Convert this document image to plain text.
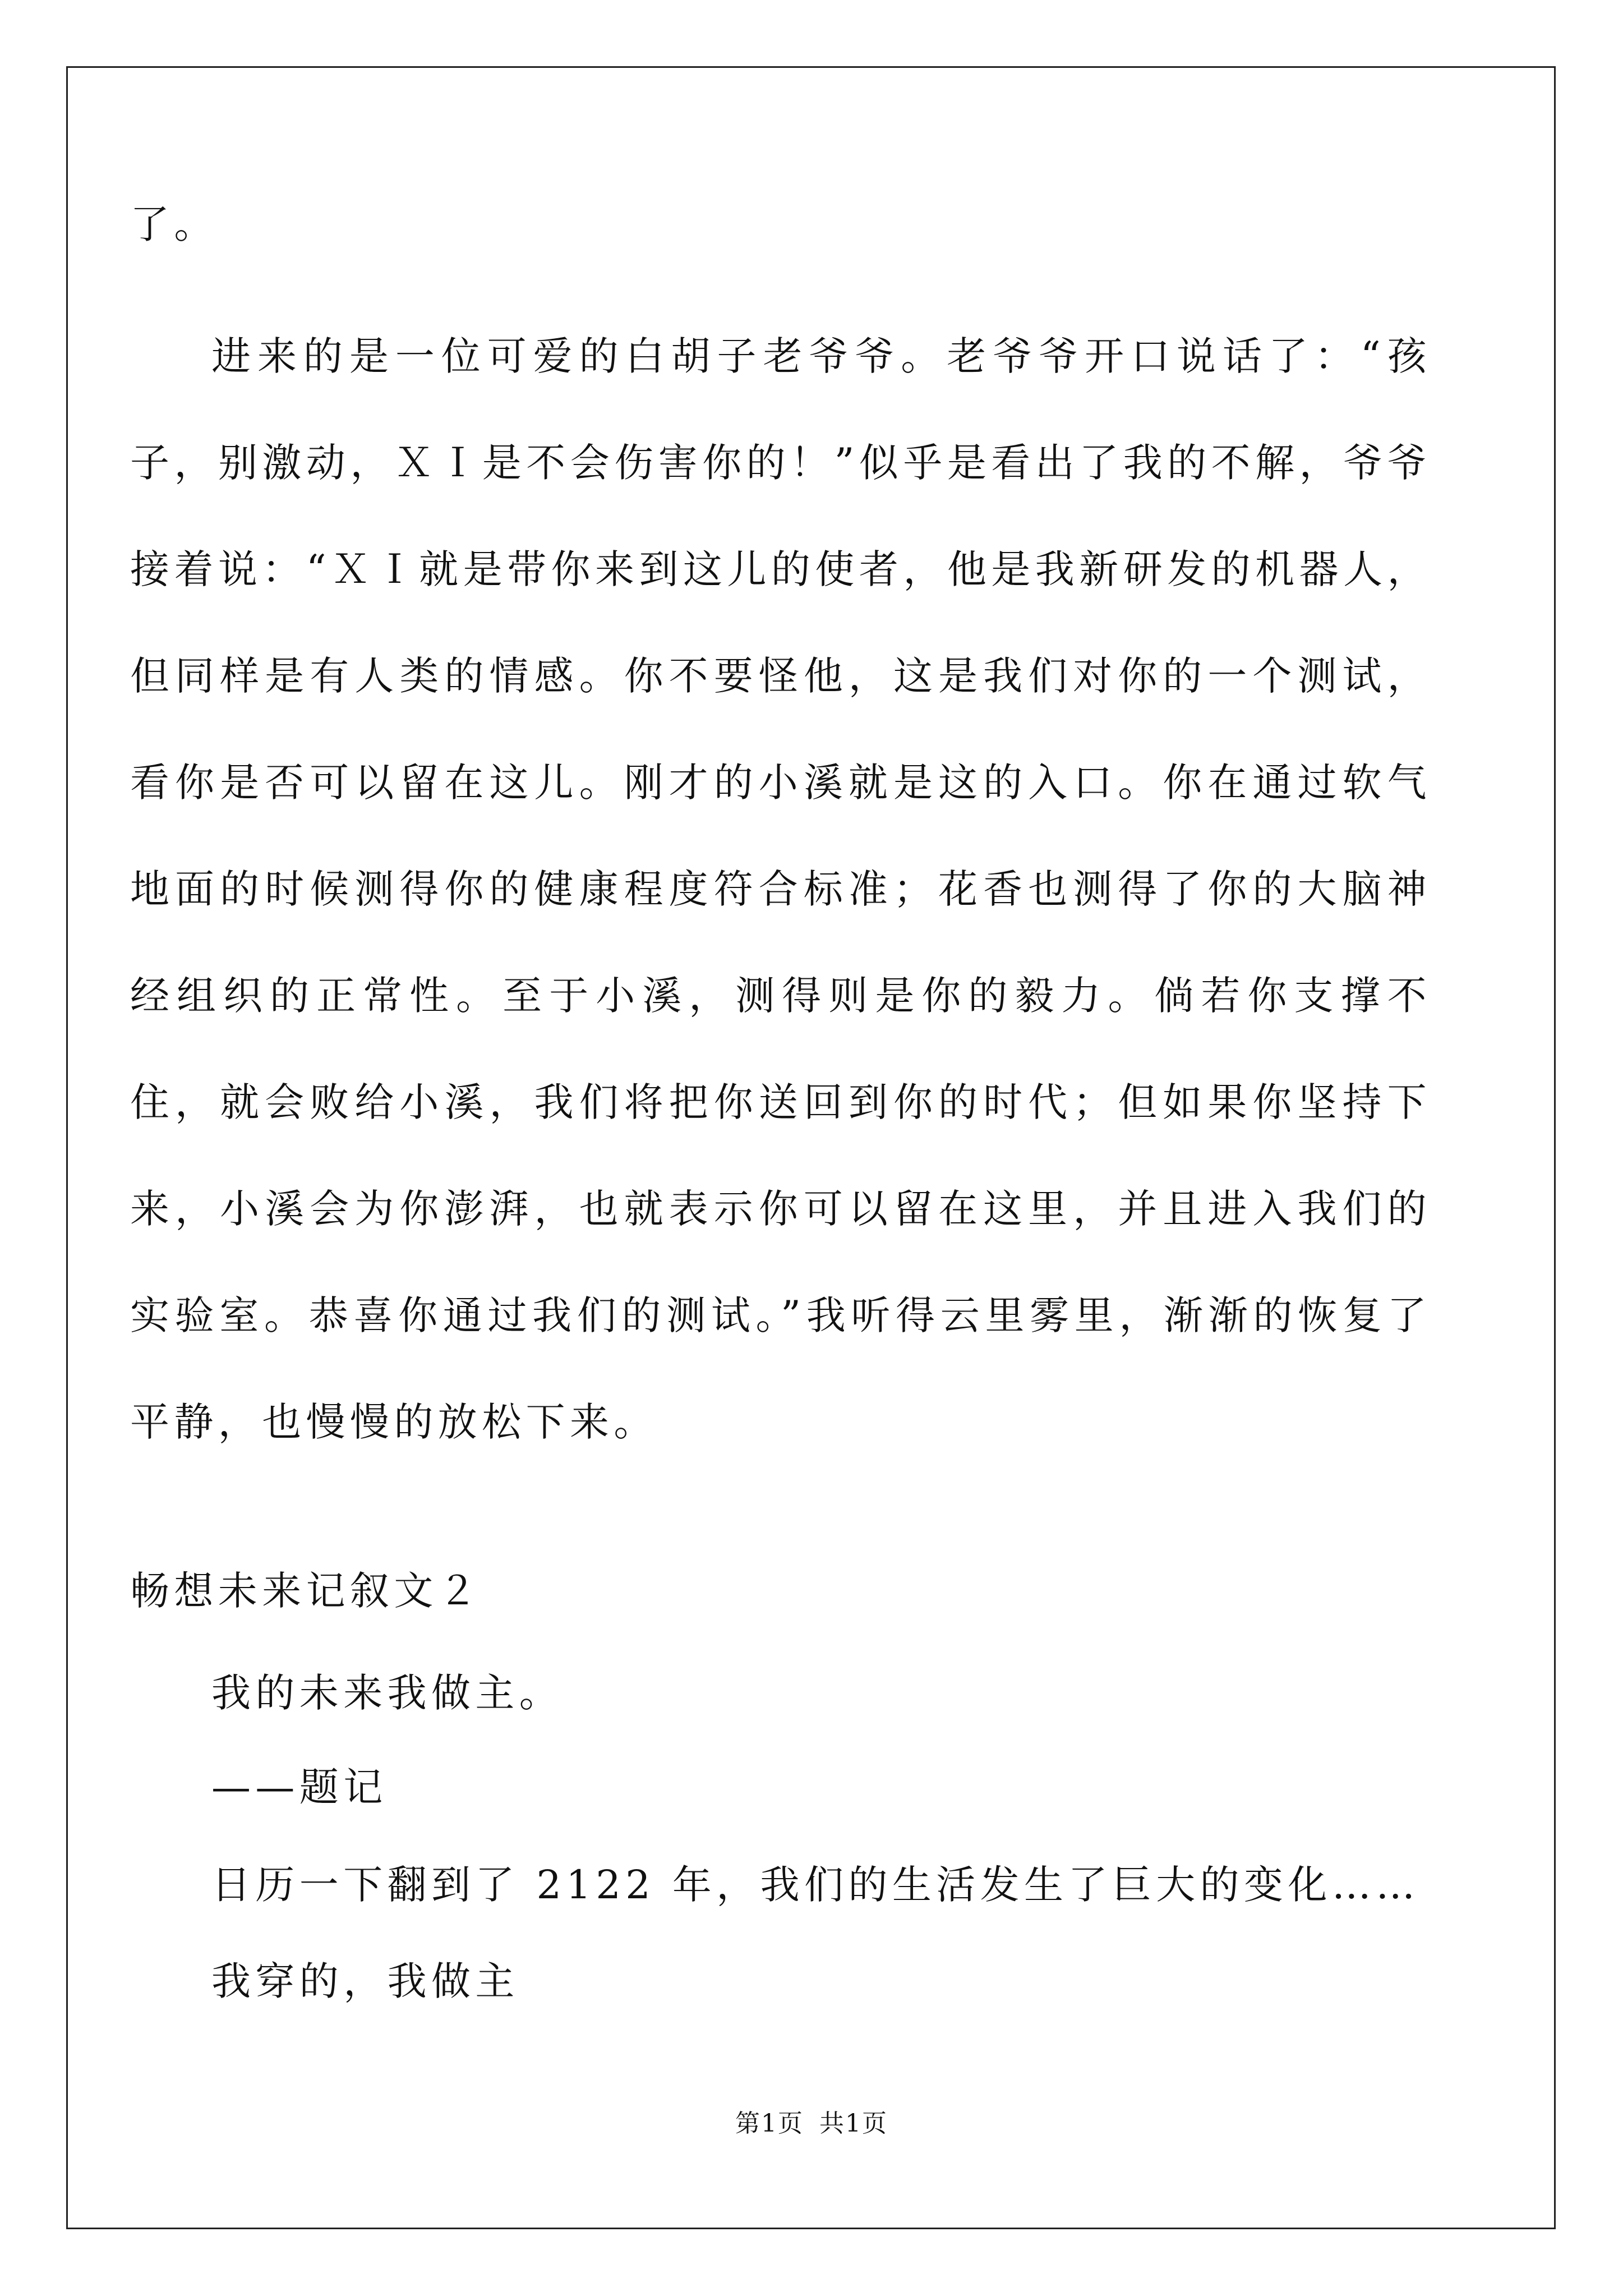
了。
进来的是一位可爱的白胡子老爷爷。老爷爷开口说话了：“孩子，别激动，ＸＩ是不会伤害你的！”似乎是看出了我的不解，爷爷接着说：“ＸＩ就是带你来到这儿的使者，他是我新研发的机器人，但同样是有人类的情感。你不要怪他，这是我们对你的一个测试，看你是否可以留在这儿。刚才的小溪就是这的入口。你在通过软气地面的时候测得你的健康程度符合标准；花香也测得了你的大脑神经组织的正常性。至于小溪，测得则是你的毅力。倘若你支撑不住，就会败给小溪，我们将把你送回到你的时代；但如果你坚持下来，小溪会为你澎湃，也就表示你可以留在这里，并且进入我们的实验室。恭喜你通过我们的测试。”我听得云里雾里，渐渐的恢复了平静，也慢慢的放松下来。
畅想未来记叙文２
我的未来我做主。
——题记
日历一下翻到了 2122 年，我们的生活发生了巨大的变化……
我穿的，我做主
第1页 共1页
